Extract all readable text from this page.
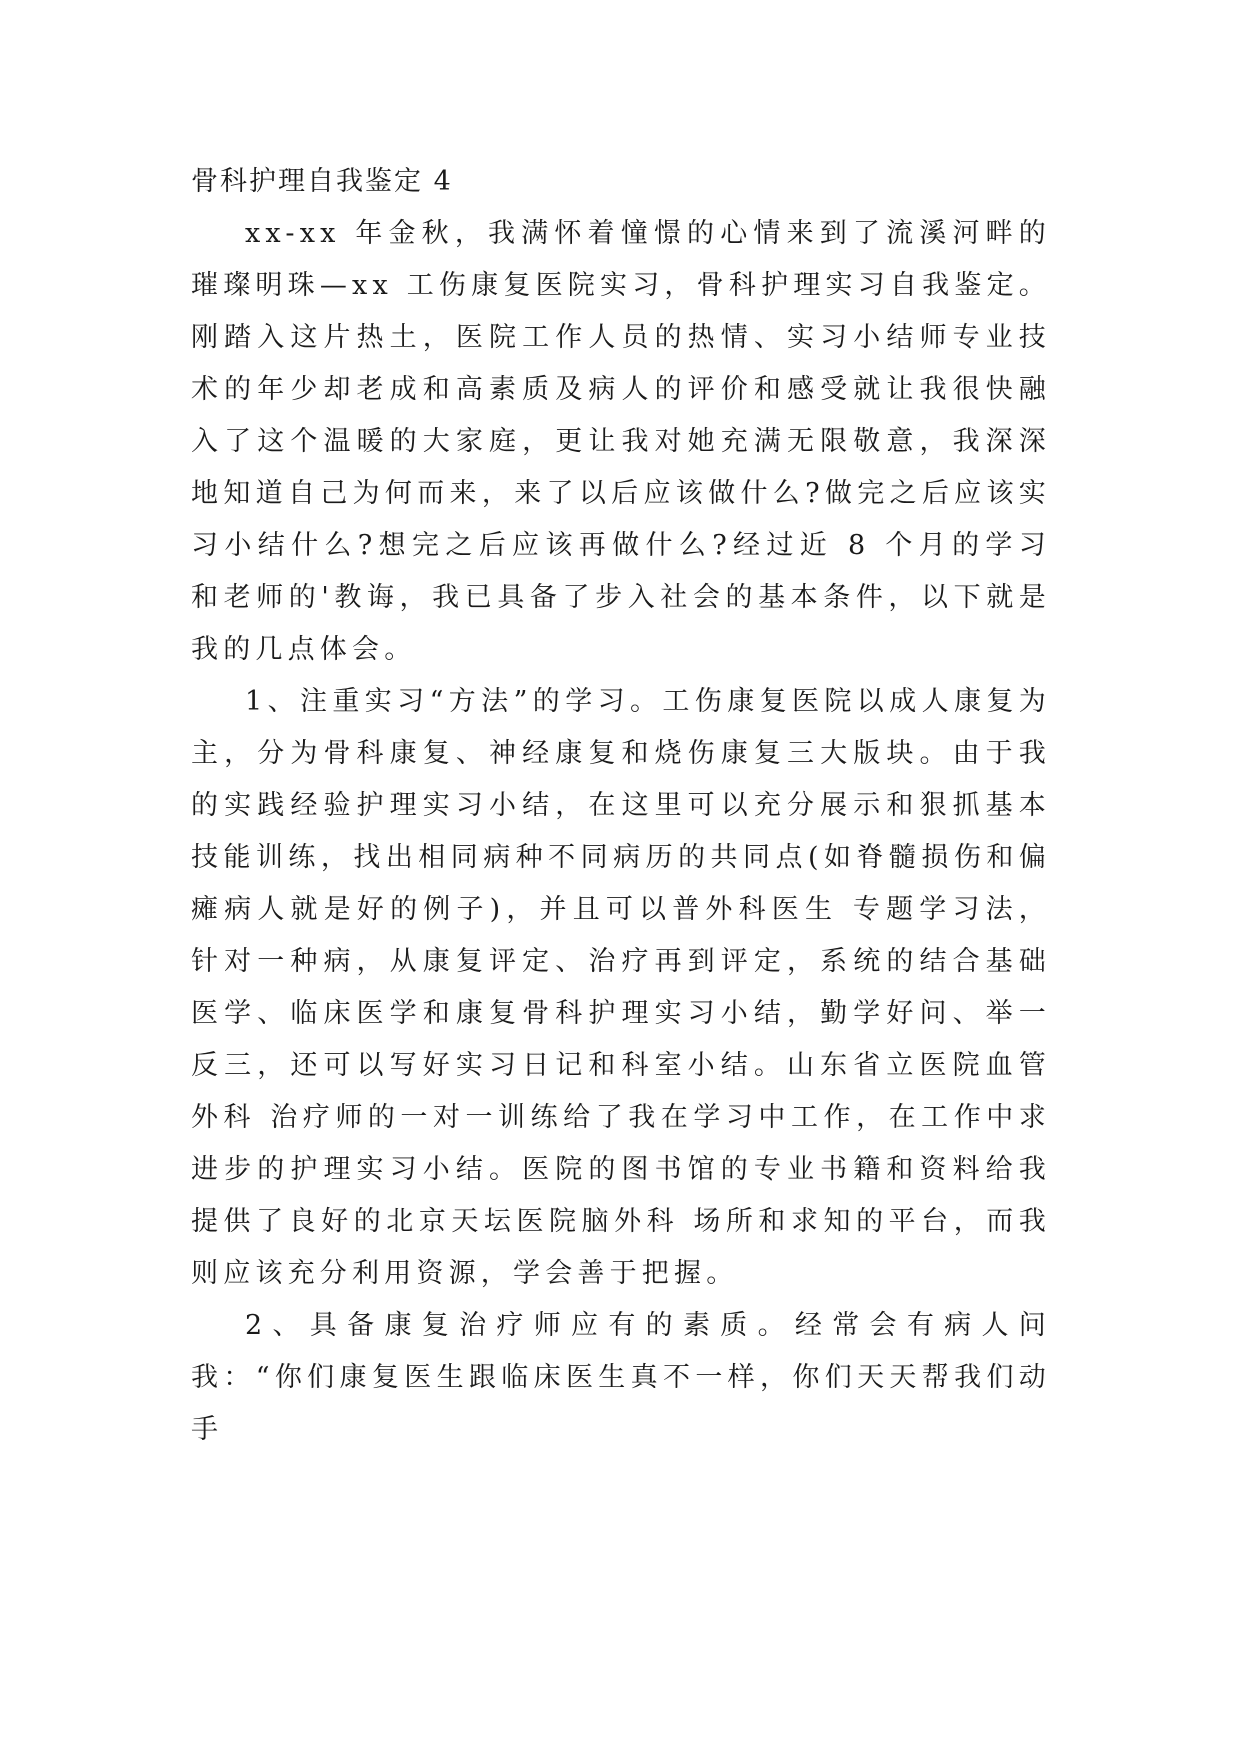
骨科护理自我鉴定 4

xx-xx 年金秋，我满怀着憧憬的心情来到了流溪河畔的璀璨明珠—xx 工伤康复医院实习，骨科护理实习自我鉴定。刚踏入这片热土，医院工作人员的热情、实习小结师专业技术的年少却老成和高素质及病人的评价和感受就让我很快融入了这个温暖的大家庭，更让我对她充满无限敬意，我深深地知道自己为何而来，来了以后应该做什么?做完之后应该实习小结什么?想完之后应该再做什么?经过近 8 个月的学习和老师的'教诲，我已具备了步入社会的基本条件，以下就是我的几点体会。

1、注重实习“方法”的学习。工伤康复医院以成人康复为主，分为骨科康复、神经康复和烧伤康复三大版块。由于我的实践经验护理实习小结，在这里可以充分展示和狠抓基本技能训练，找出相同病种不同病历的共同点(如脊髓损伤和偏瘫病人就是好的例子)，并且可以普外科医生 专题学习法，针对一种病，从康复评定、治疗再到评定，系统的结合基础医学、临床医学和康复骨科护理实习小结，勤学好问、举一反三，还可以写好实习日记和科室小结。山东省立医院血管外科 治疗师的一对一训练给了我在学习中工作，在工作中求进步的护理实习小结。医院的图书馆的专业书籍和资料给我提供了良好的北京天坛医院脑外科 场所和求知的平台，而我则应该充分利用资源，学会善于把握。

2、具备康复治疗师应有的素质。经常会有病人问我：“你们康复医生跟临床医生真不一样，你们天天帮我们动手
